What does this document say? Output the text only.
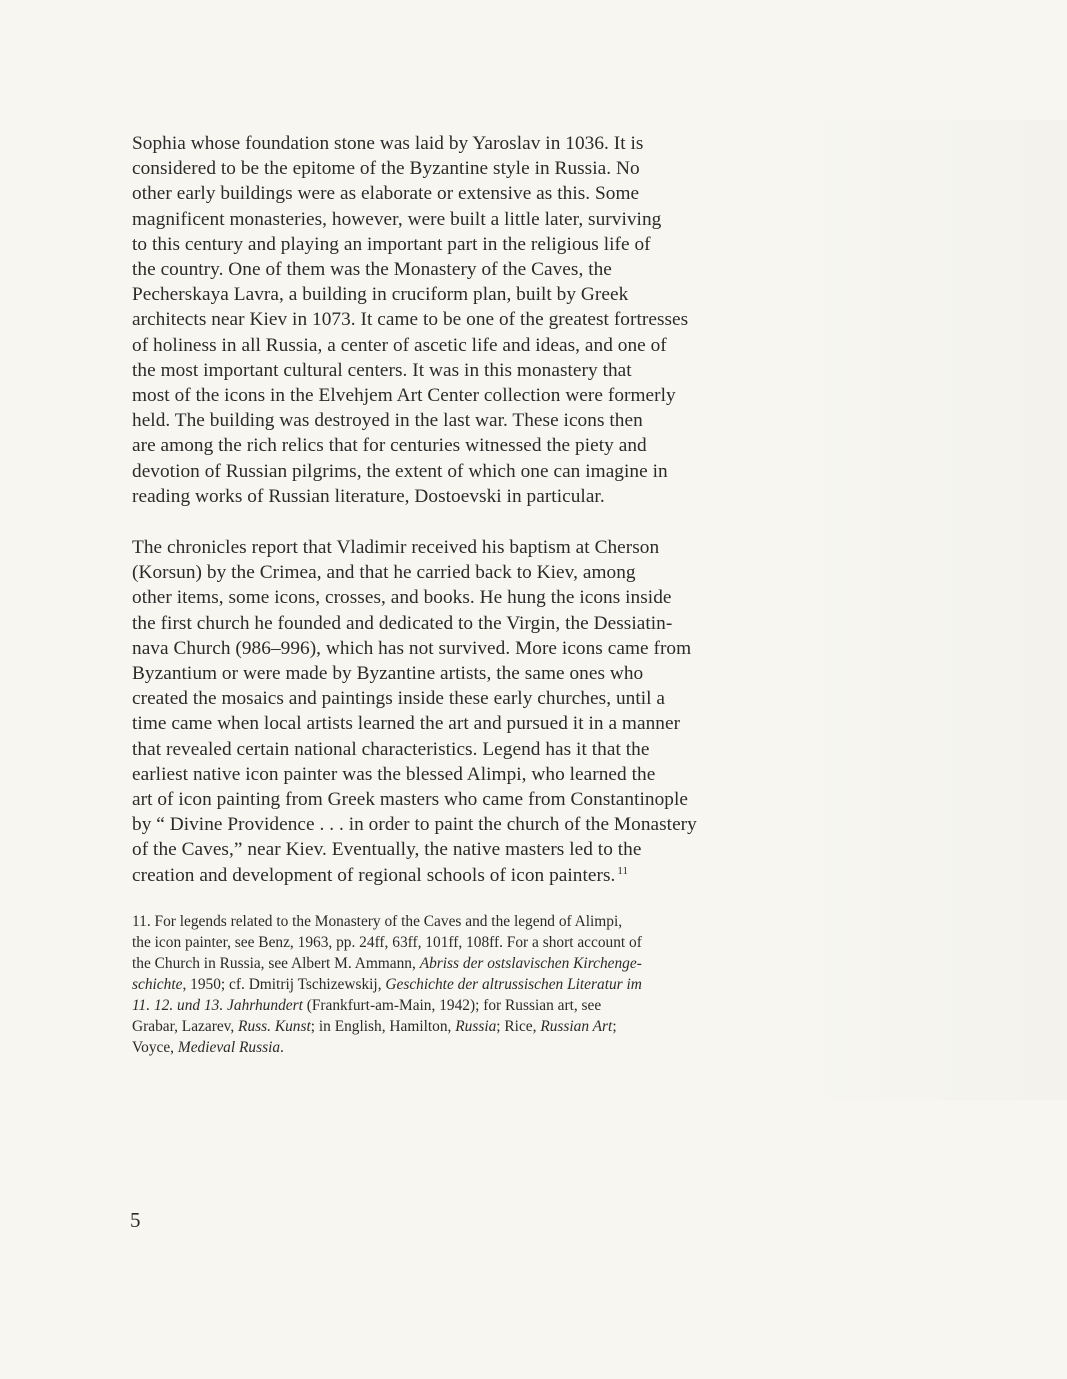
Sophia whose foundation stone was laid by Yaroslav in 1036. It is
considered to be the epitome of the Byzantine style in Russia. No
other early buildings were as elaborate or extensive as this. Some
magnificent monasteries, however, were built a little later, surviving
to this century and playing an important part in the religious life of
the country. One of them was the Monastery of the Caves, the
Pecherskaya Lavra, a building in cruciform plan, built by Greek
architects near Kiev in 1073. It came to be one of the greatest fortresses
of holiness in all Russia, a center of ascetic life and ideas, and one of
the most important cultural centers. It was in this monastery that
most of the icons in the Elvehjem Art Center collection were formerly
held. The building was destroyed in the last war. These icons then
are among the rich relics that for centuries witnessed the piety and
devotion of Russian pilgrims, the extent of which one can imagine in
reading works of Russian literature, Dostoevski in particular.

The chronicles report that Vladimir received his baptism at Cherson
(Korsun) by the Crimea, and that he carried back to Kiev, among
other items, some icons, crosses, and books. He hung the icons inside
the first church he founded and dedicated to the Virgin, the Dessiatin-
nava Church (986–996), which has not survived. More icons came from
Byzantium or were made by Byzantine artists, the same ones who
created the mosaics and paintings inside these early churches, until a
time came when local artists learned the art and pursued it in a manner
that revealed certain national characteristics. Legend has it that the
earliest native icon painter was the blessed Alimpi, who learned the
art of icon painting from Greek masters who came from Constantinople
by “ Divine Providence . . . in order to paint the church of the Monastery
of the Caves,” near Kiev. Eventually, the native masters led to the
creation and development of regional schools of icon painters. $^{11}$

11. For legends related to the Monastery of the Caves and the legend of Alimpi,
the icon painter, see Benz, 1963, pp. 24ff, 63ff, 101ff, 108ff. For a short account of
the Church in Russia, see Albert M. Ammann, Abriss der ostslavischen Kirchenge-
schichte, 1950; cf. Dmitrij Tschizewskij, Geschichte der altrussischen Literatur im
11. 12. und 13. Jahrhundert (Frankfurt-am-Main, 1942); for Russian art, see
Grabar, Lazarev, Russ. Kunst; in English, Hamilton, Russia; Rice, Russian Art;
Voyce, Medieval Russia.

5
